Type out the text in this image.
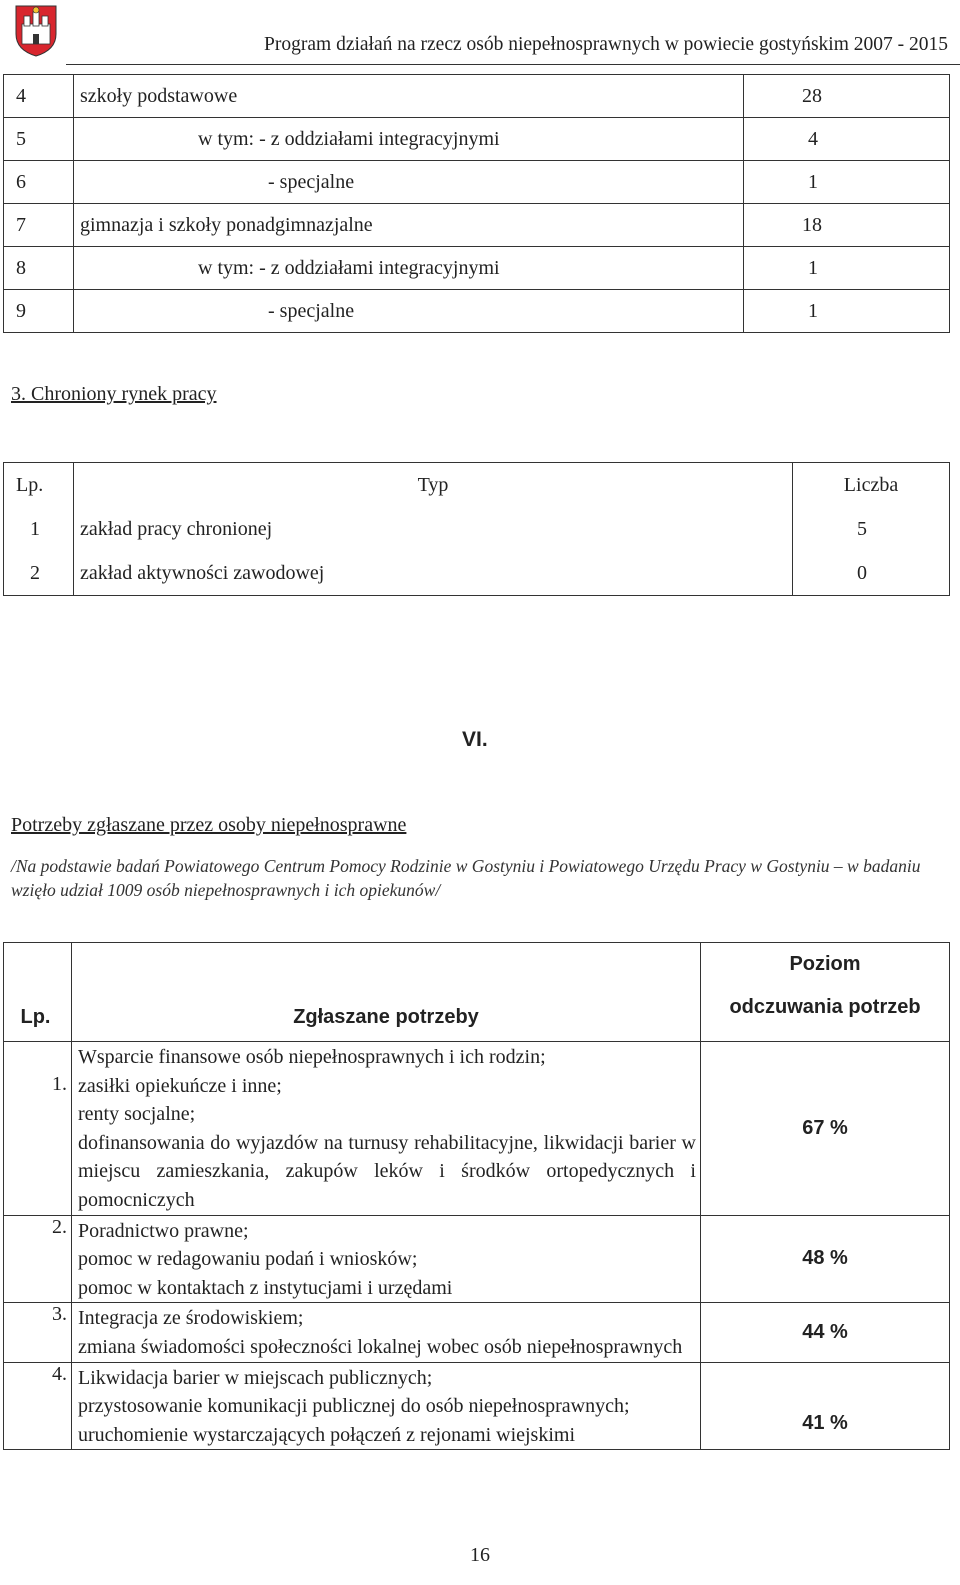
Program działań na rzecz osób niepełnosprawnych w powiecie gostyńskim 2007 - 2015
4	szkoły podstawowe	28
5	w tym: - z oddziałami integracyjnymi	4
6	- specjalne	1
7	gimnazja i szkoły ponadgimnazjalne	18
8	w tym: - z oddziałami integracyjnymi	1
9	- specjalne	1
3. Chroniony rynek pracy
Lp.	Typ	Liczba
1	zakład pracy chronionej	5
2	zakład aktywności zawodowej	0
VI.
Potrzeby zgłaszane przez osoby niepełnosprawne
/Na podstawie badań Powiatowego Centrum Pomocy Rodzinie w Gostyniu i Powiatowego Urzędu Pracy w Gostyniu – w badaniu wzięło udział 1009 osób niepełnosprawnych i ich opiekunów/
Lp.	Zgłaszane potrzeby	Poziom
odczuwania potrzeb

1.	Wsparcie finansowe osób niepełnosprawnych i ich rodzin;
zasiłki opiekuńcze i inne;
renty socjalne;
dofinansowania do wyjazdów na turnusy rehabilitacyjne, likwidacji barier w miejscu zamieszkania, zakupów leków i środków ortopedycznych i pomocniczych	67 %
2.	Poradnictwo prawne;
pomoc w redagowaniu podań i wniosków;
pomoc w kontaktach z instytucjami i urzędami	48 %
3.	Integracja ze środowiskiem;
zmiana świadomości społeczności lokalnej wobec osób niepełnosprawnych	44 %
4.	Likwidacja barier w miejscach publicznych;
przystosowanie komunikacji publicznej do osób niepełnosprawnych;
uruchomienie wystarczających połączeń z rejonami wiejskimi	41 %
16
